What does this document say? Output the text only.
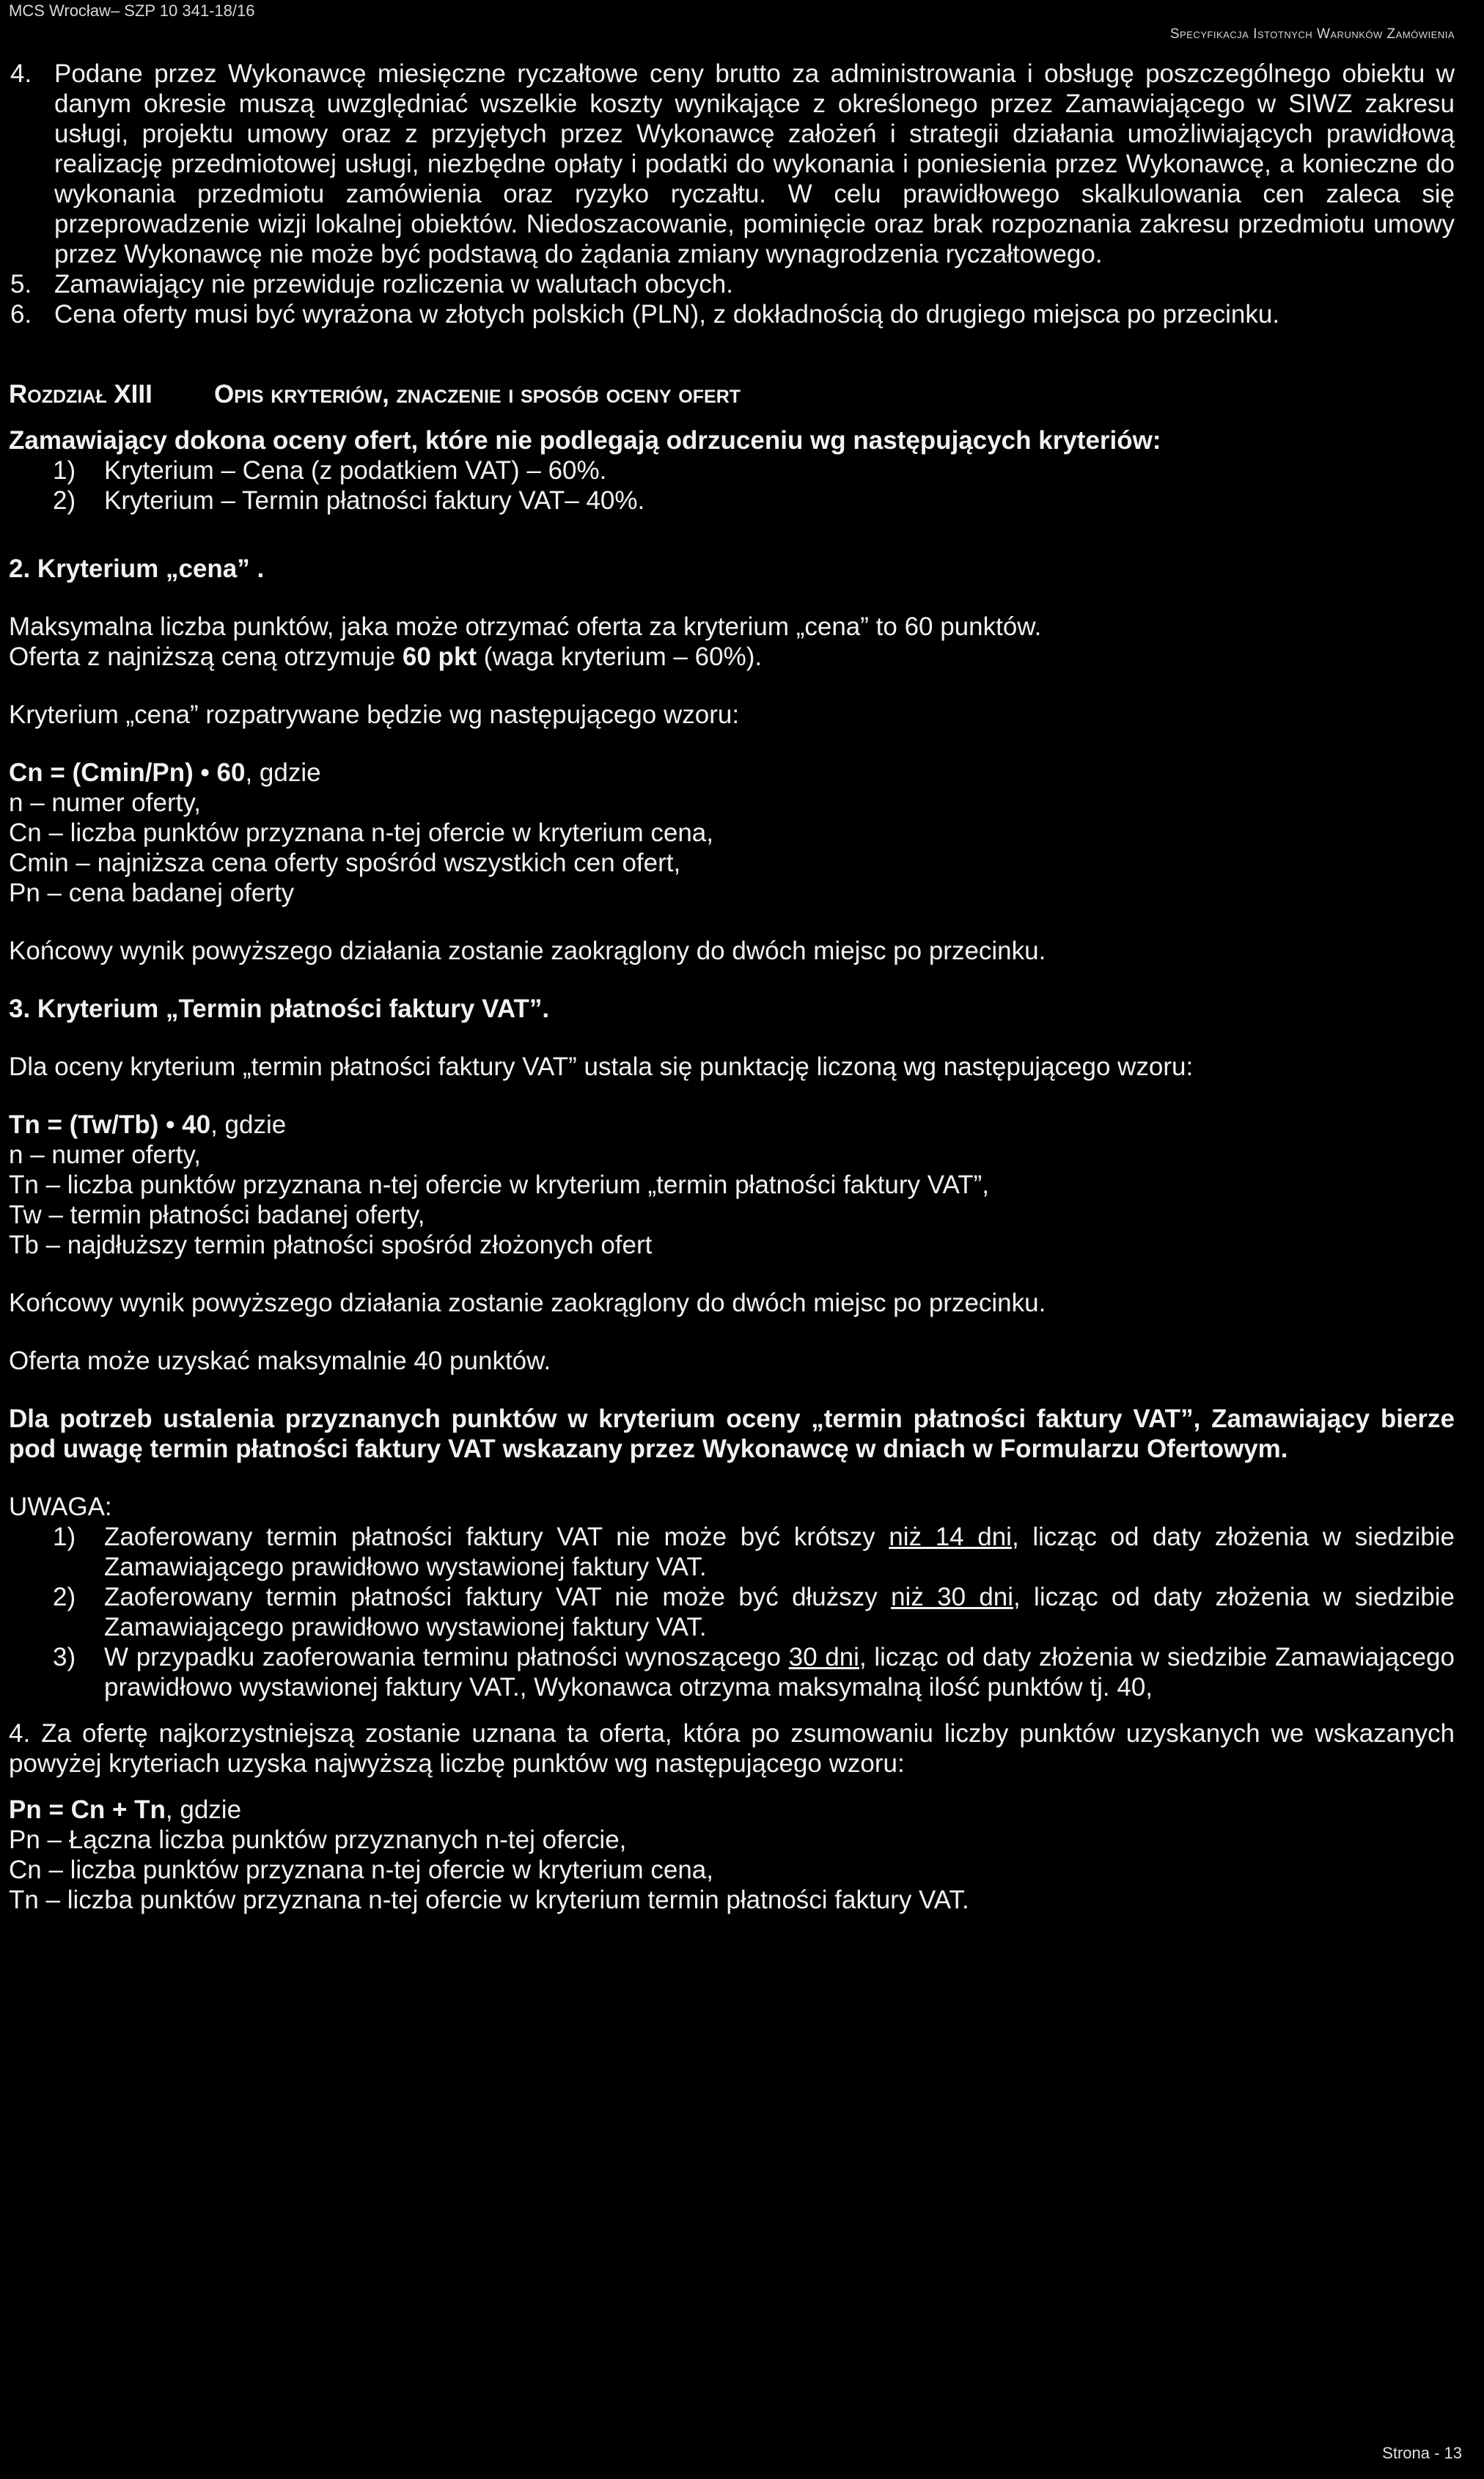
MCS Wrocław– SZP 10 341-18/16
Specyfikacja Istotnych Warunków Zamówienia
4. Podane przez Wykonawcę miesięczne ryczałtowe ceny brutto za administrowania i obsługę poszczególnego obiektu w danym okresie muszą uwzględniać wszelkie koszty wynikające z określonego przez Zamawiającego w SIWZ zakresu usługi, projektu umowy oraz z przyjętych przez Wykonawcę założeń i strategii działania umożliwiających prawidłową realizację przedmiotowej usługi, niezbędne opłaty i podatki do wykonania i poniesienia przez Wykonawcę, a konieczne do wykonania przedmiotu zamówienia oraz ryzyko ryczałtu. W celu prawidłowego skalkulowania cen zaleca się przeprowadzenie wizji lokalnej obiektów. Niedoszacowanie, pominięcie oraz brak rozpoznania zakresu przedmiotu umowy przez Wykonawcę nie może być podstawą do żądania zmiany wynagrodzenia ryczałtowego.
5. Zamawiający nie przewiduje rozliczenia w walutach obcych.
6. Cena oferty musi być wyrażona w złotych polskich (PLN), z dokładnością do drugiego miejsca po przecinku.
Rozdział XIII	Opis kryteriów, znaczenie i sposób oceny ofert

Zamawiający dokona oceny ofert, które nie podlegają odrzuceniu wg następujących kryteriów:

1)	Kryterium – Cena (z podatkiem VAT) – 60%.
2)	Kryterium – Termin płatności faktury VAT– 40%.

2. Kryterium „cena” .

Maksymalna liczba punktów, jaka może otrzymać oferta za kryterium „cena” to 60 punktów.

Oferta z najniższą ceną otrzymuje 60 pkt (waga kryterium – 60%).

Kryterium „cena” rozpatrywane będzie wg następującego wzoru:

Cn = (Cmin/Pn) • 60, gdzie

n – numer oferty,

Cn – liczba punktów przyznana n-tej ofercie w kryterium cena,

Cmin – najniższa cena oferty spośród wszystkich cen ofert,

Pn – cena badanej oferty

Końcowy wynik powyższego działania zostanie zaokrąglony do dwóch miejsc po przecinku.

3. Kryterium „Termin płatności faktury VAT”.

Dla oceny kryterium „termin płatności faktury VAT” ustala się punktację liczoną wg następującego wzoru:

Tn = (Tw/Tb) • 40, gdzie

n – numer oferty,

Tn – liczba punktów przyznana n-tej ofercie w kryterium „termin płatności faktury VAT”,

Tw – termin płatności badanej oferty,

Tb – najdłuższy termin płatności spośród złożonych ofert

Końcowy wynik powyższego działania zostanie zaokrąglony do dwóch miejsc po przecinku.

Oferta może uzyskać maksymalnie 40 punktów.

Dla potrzeb ustalenia przyznanych punktów w kryterium oceny „termin płatności faktury VAT”, Zamawiający bierze pod uwagę termin płatności faktury VAT wskazany przez Wykonawcę w dniach w Formularzu Ofertowym.

UWAGA:

1)	Zaoferowany termin płatności faktury VAT nie może być krótszy niż 14 dni, licząc od daty złożenia w siedzibie Zamawiającego prawidłowo wystawionej faktury VAT.
2)	Zaoferowany termin płatności faktury VAT nie może być dłuższy niż 30 dni, licząc od daty złożenia w siedzibie Zamawiającego prawidłowo wystawionej faktury VAT.
3)	W przypadku zaoferowania terminu płatności wynoszącego 30 dni, licząc od daty złożenia w siedzibie Zamawiającego prawidłowo wystawionej faktury VAT., Wykonawca otrzyma maksymalną ilość punktów tj. 40,

4. Za ofertę najkorzystniejszą zostanie uznana ta oferta, która po zsumowaniu liczby punktów uzyskanych we wskazanych powyżej kryteriach uzyska najwyższą liczbę punktów wg następującego wzoru:

Pn = Cn + Tn, gdzie

Pn – Łączna liczba punktów przyznanych n-tej ofercie,

Cn – liczba punktów przyznana n-tej ofercie w kryterium cena,

Tn – liczba punktów przyznana n-tej ofercie w kryterium termin płatności faktury VAT.

Strona - 13
